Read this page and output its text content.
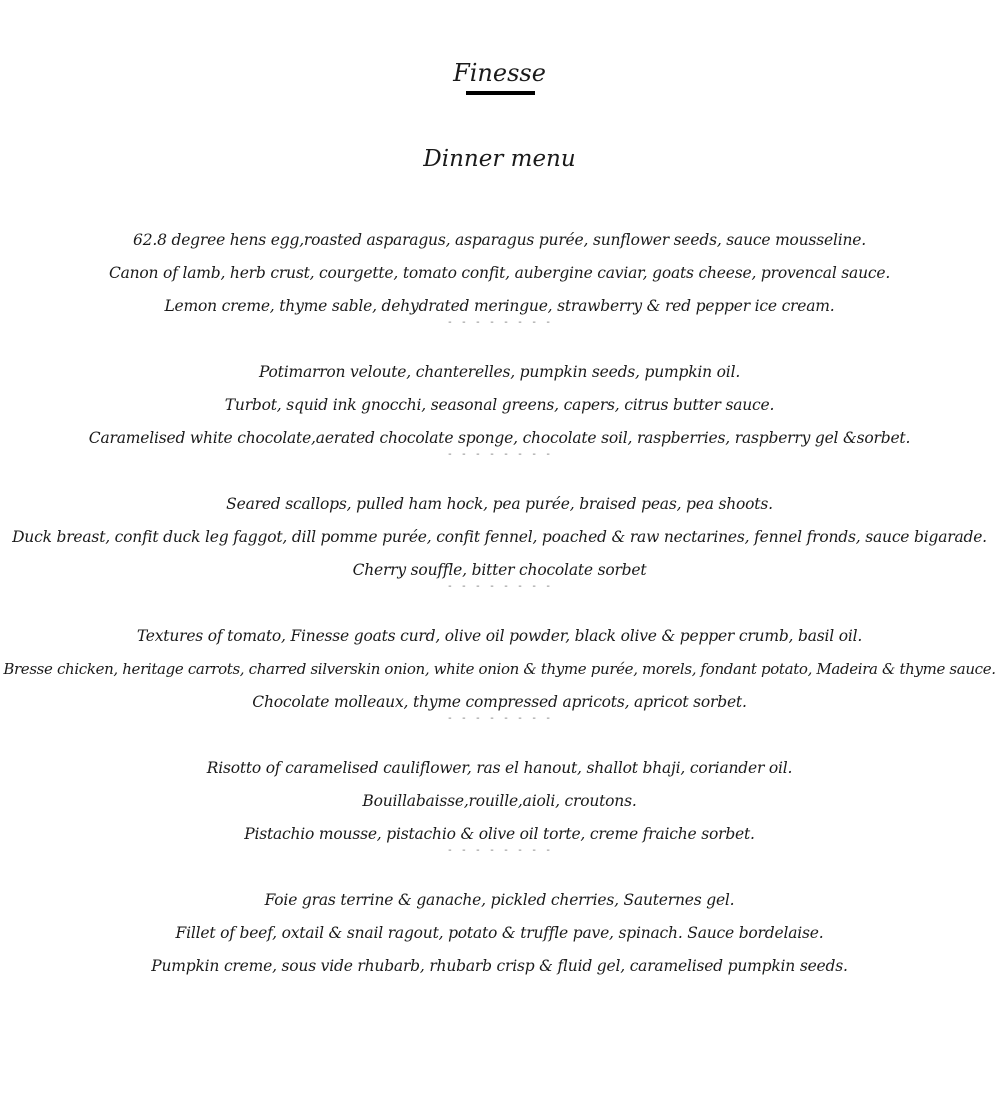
Finesse
Dinner menu
62.8 degree hens egg,roasted asparagus, asparagus purée, sunflower seeds, sauce mousseline.
Canon of lamb, herb crust, courgette, tomato confit, aubergine caviar, goats cheese, provencal sauce.
Lemon creme, thyme sable, dehydrated meringue, strawberry & red pepper ice cream.
- - - - - - - -
Potimarron veloute, chanterelles, pumpkin seeds, pumpkin oil.
Turbot, squid ink gnocchi, seasonal greens, capers, citrus butter sauce.
Caramelised white chocolate,aerated chocolate sponge, chocolate soil, raspberries, raspberry gel &sorbet.
- - - - - - - -
Seared scallops, pulled ham hock, pea purée, braised peas, pea shoots.
Duck breast, confit duck leg faggot, dill pomme purée, confit fennel, poached & raw nectarines, fennel fronds, sauce bigarade.
Cherry souffle, bitter chocolate sorbet
- - - - - - - -
Textures of tomato, Finesse goats curd, olive oil powder, black olive & pepper crumb, basil oil.
Bresse chicken, heritage carrots, charred silverskin onion, white onion & thyme purée, morels, fondant potato, Madeira & thyme sauce.
Chocolate molleaux, thyme compressed apricots, apricot sorbet.
- - - - - - - -
Risotto of caramelised cauliflower, ras el hanout, shallot bhaji, coriander oil.
Bouillabaisse,rouille,aioli, croutons.
Pistachio mousse, pistachio & olive oil torte, creme fraiche sorbet.
- - - - - - - -
Foie gras terrine & ganache, pickled cherries, Sauternes gel.
Fillet of beef, oxtail & snail ragout, potato & truffle pave, spinach. Sauce bordelaise.
Pumpkin creme, sous vide rhubarb, rhubarb crisp & fluid gel, caramelised pumpkin seeds.
